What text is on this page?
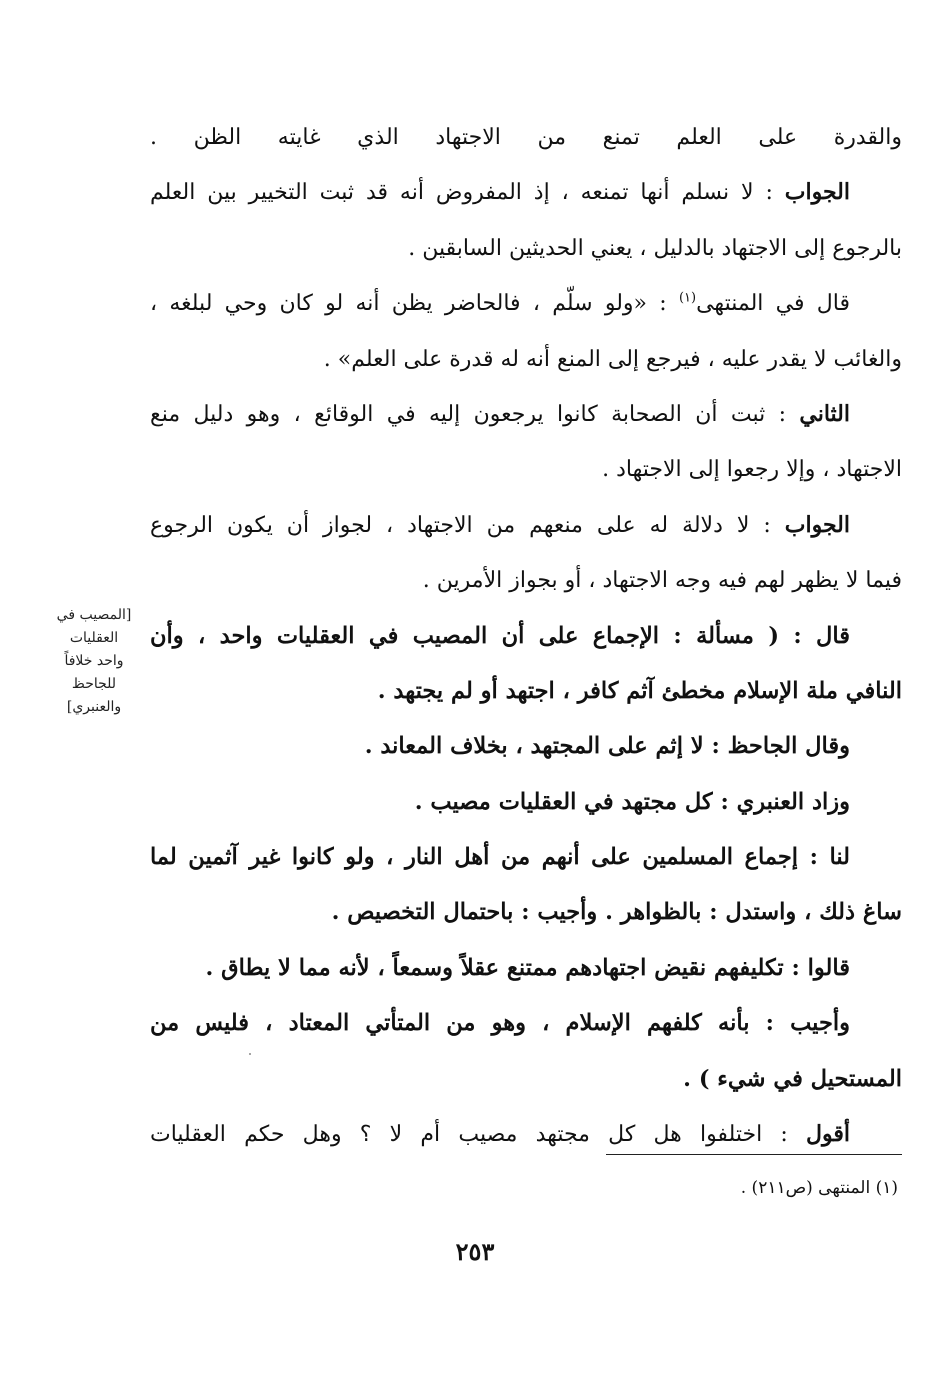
والقدرة على العلم تمنع من الاجتهاد الذي غايته الظن .
الجواب : لا نسلم أنها تمنعه ، إذ المفروض أنه قد ثبت التخيير بين العلم
بالرجوع إلى الاجتهاد بالدليل ، يعني الحديثين السابقين .
قال في المنتهى$^{(١)}$ : «ولو سلّم ، فالحاضر يظن أنه لو كان وحي لبلغه ،
والغائب لا يقدر عليه ، فيرجع إلى المنع أنه له قدرة على العلم» .
الثاني : ثبت أن الصحابة كانوا يرجعون إليه في الوقائع ، وهو دليل منع
الاجتهاد ، وإلا رجعوا إلى الاجتهاد .
الجواب : لا دلالة له على منعهم من الاجتهاد ، لجواز أن يكون الرجوع
فيما لا يظهر لهم فيه وجه الاجتهاد ، أو بجواز الأمرين .
قال : ( مسألة : الإجماع على أن المصيب في العقليات واحد ، وأن
النافي ملة الإسلام مخطئ آثم كافر ، اجتهد أو لم يجتهد .
وقال الجاحظ : لا إثم على المجتهد ، بخلاف المعاند .
وزاد العنبري : كل مجتهد في العقليات مصيب .
لنا : إجماع المسلمين على أنهم من أهل النار ، ولو كانوا غير آثمين لما
ساغ ذلك ، واستدل : بالظواهر . وأجيب : باحتمال التخصيص .
قالوا : تكليفهم نقيض اجتهادهم ممتنع عقلاً وسمعاً ، لأنه مما لا يطاق .
وأجيب : بأنه كلفهم الإسلام ، وهو من المتأتي المعتاد ، فليس من
المستحيل في شيء ) .
أقول : اختلفوا هل كل مجتهد مصيب أم لا ؟ وهل حكم العقليات
[المصيب في
العقليات
واحد خلافاً
للجاحظ
والعنبري]
(١) المنتهى (ص٢١١) .
٢٥٣
